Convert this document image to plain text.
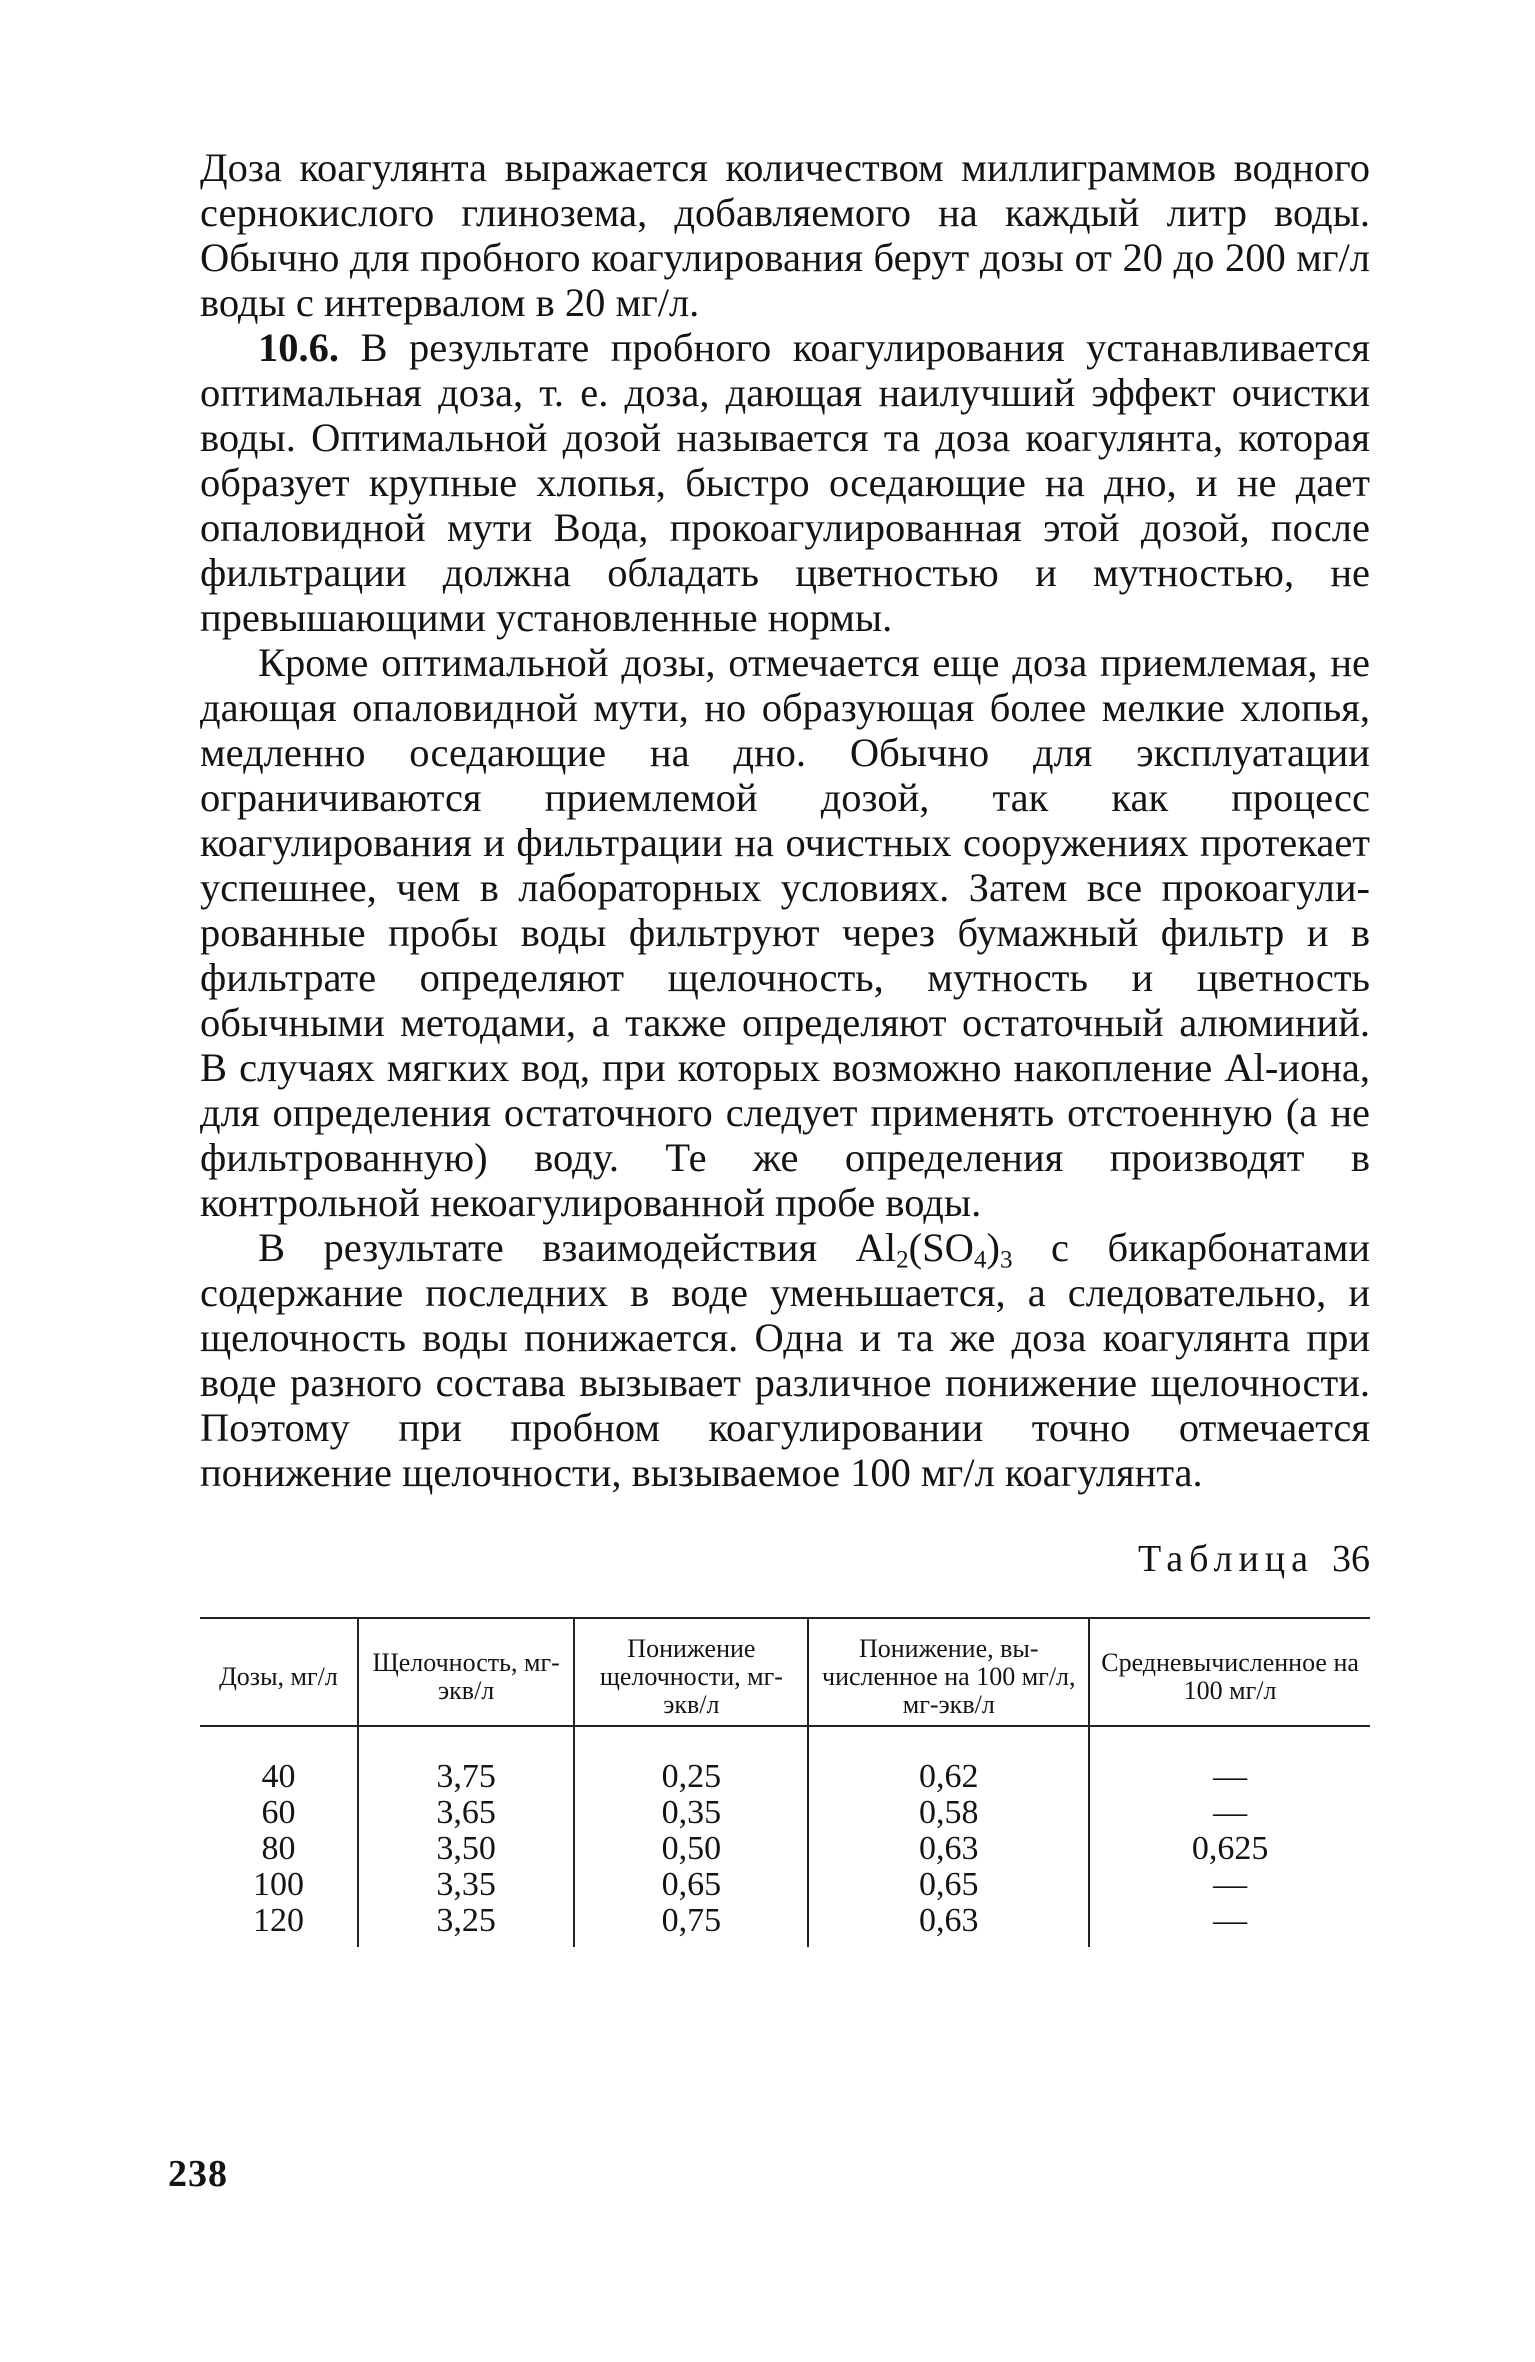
Доза коагулянта выражается количеством миллиграммов водного сернокислого глинозема, добавляемого на каждый литр воды. Обычно для пробного коагулирования берут дозы от 20 до 200 мг/л воды с интервалом в 20 мг/л.

10.6. В результате пробного коагулирования устанавливается оптимальная доза, т. е. доза, дающая наилучший эффект очистки воды. Оптимальной дозой называется та доза коагулянта, которая образует крупные хлопья, быстро оседающие на дно, и не дает опаловидной мути Вода, прокоагулированная этой дозой, после фильтрации должна обладать цветностью и мутностью, не превышающими установленные нормы.

Кроме оптимальной дозы, отмечается еще доза приемлемая, не дающая опаловидной мути, но образующая более мелкие хлопья, медленно оседающие на дно. Обычно для эксплуатации ограничиваются приемлемой дозой, так как процесс коагулирования и фильтрации на очистных сооружениях протекает успешнее, чем в лабораторных условиях. Затем все прокоагулированные пробы воды фильтруют через бумажный фильтр и в фильтрате определяют щелочность, мутность и цветность обычными методами, а также определяют остаточный алюминий. В случаях мягких вод, при которых возможно накопление Al-иона, для определения остаточного следует применять отстоенную (а не фильтрованную) воду. Те же определения производят в контрольной некоагулированной пробе воды.

В результате взаимодействия $Al_2(SO_4)_3$ с бикарбонатами содержание последних в воде уменьшается, а следовательно, и щелочность воды понижается. Одна и та же доза коагулянта при воде разного состава вызывает различное понижение щелочности. Поэтому при пробном коагулировании точно отмечается понижение щелочности, вызываемое 100 мг/л коагулянта.

Таблица 36
Дозы, мг/л	Щелочность, мг-экв/л	Понижение щелочности, мг-экв/л	Понижение, вычисленное на 100 мг/л, мг-экв/л	Средневычисленное на 100 мг/л

40	3,75	0,25	0,62	—
60	3,65	0,35	0,58	—
80	3,50	0,50	0,63	0,625
100	3,35	0,65	0,65	—
120	3,25	0,75	0,63	—
238
